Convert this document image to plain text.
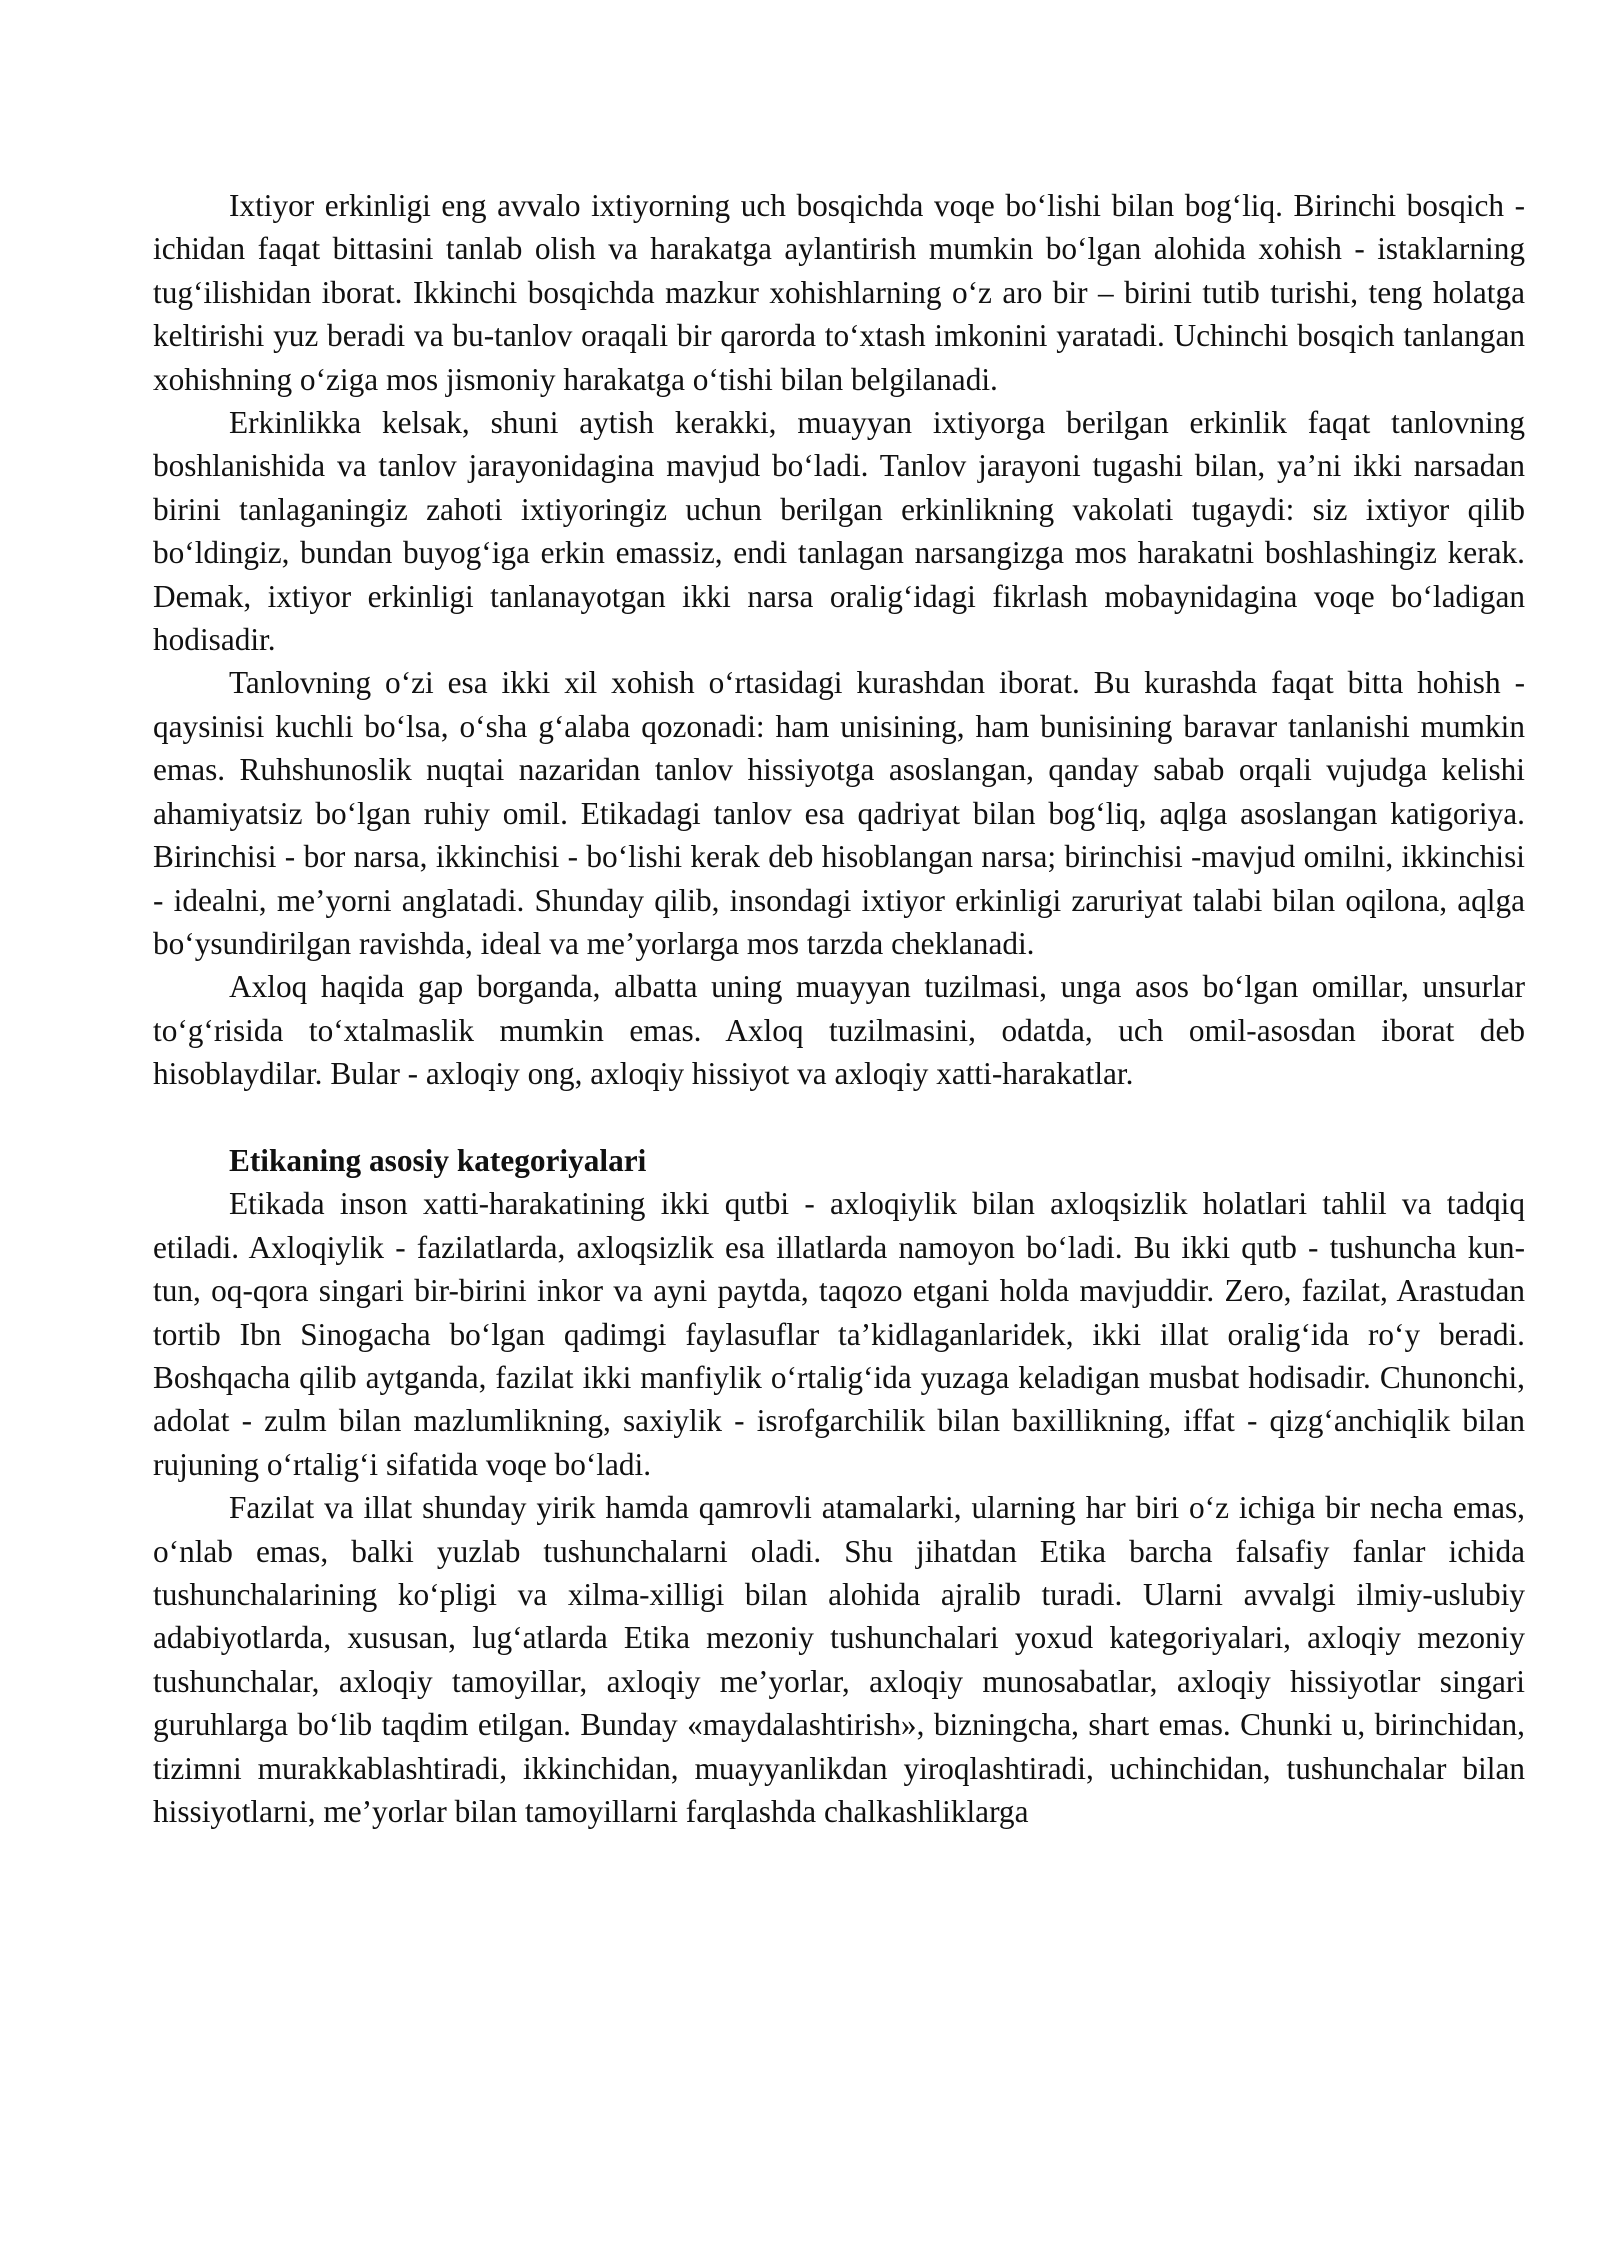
Ixtiyor erkinligi eng avvalo ixtiyorning uch bosqichda voqe bo‘lishi bilan bog‘liq. Birinchi bosqich - ichidan faqat bittasini tanlab olish va harakatga aylantirish mumkin bo‘lgan alohida xohish - istaklarning tug‘ilishidan iborat. Ikkinchi bosqichda mazkur xohishlarning o‘z aro bir – birini tutib turishi, teng holatga keltirishi yuz beradi va bu-tanlov oraqali bir qarorda to‘xtash imkonini yaratadi. Uchinchi bosqich tanlangan xohishning o‘ziga mos jismoniy harakatga o‘tishi bilan belgilanadi.

Erkinlikka kelsak, shuni aytish kerakki, muayyan ixtiyorga berilgan erkinlik faqat tanlovning boshlanishida va tanlov jarayonidagina mavjud bo‘ladi. Tanlov jarayoni tugashi bilan, ya’ni ikki narsadan birini tanlaganingiz zahoti ixtiyoringiz uchun berilgan erkinlikning vakolati tugaydi: siz ixtiyor qilib bo‘ldingiz, bundan buyog‘iga erkin emassiz, endi tanlagan narsangizga mos harakatni boshlashingiz kerak. Demak, ixtiyor erkinligi tanlanayotgan ikki narsa oralig‘idagi fikrlash mobaynidagina voqe bo‘ladigan hodisadir.

Tanlovning o‘zi esa ikki xil xohish o‘rtasidagi kurashdan iborat. Bu kurashda faqat bitta hohish - qaysinisi kuchli bo‘lsa, o‘sha g‘alaba qozonadi: ham unisining, ham bunisining baravar tanlanishi mumkin emas. Ruhshunoslik nuqtai nazaridan tanlov hissiyotga asoslangan, qanday sabab orqali vujudga kelishi ahamiyatsiz bo‘lgan ruhiy omil. Etikadagi tanlov esa qadriyat bilan bog‘liq, aqlga asoslangan katigoriya. Birinchisi - bor narsa, ikkinchisi - bo‘lishi kerak deb hisoblangan narsa; birinchisi -mavjud omilni, ikkinchisi - idealni, me’yorni anglatadi. Shunday qilib, insondagi ixtiyor erkinligi zaruriyat talabi bilan oqilona, aqlga bo‘ysundirilgan ravishda, ideal va me’yorlarga mos tarzda cheklanadi.

Axloq haqida gap borganda, albatta uning muayyan tuzilmasi, unga asos bo‘lgan omillar, unsurlar to‘g‘risida to‘xtalmaslik mumkin emas. Axloq tuzilmasini, odatda, uch omil-asosdan iborat deb hisoblaydilar. Bular - axloqiy ong, axloqiy hissiyot va axloqiy xatti-harakatlar.

Etikaning asosiy kategoriyalari

Etikada inson xatti-harakatining ikki qutbi - axloqiylik bilan axloqsizlik holatlari tahlil va tadqiq etiladi. Axloqiylik - fazilatlarda, axloqsizlik esa illatlarda namoyon bo‘ladi. Bu ikki qutb - tushuncha kun-tun, oq-qora singari bir-birini inkor va ayni paytda, taqozo etgani holda mavjuddir. Zero, fazilat, Arastudan tortib Ibn Sinogacha bo‘lgan qadimgi faylasuflar ta’kidlaganlaridek, ikki illat oralig‘ida ro‘y beradi. Boshqacha qilib aytganda, fazilat ikki manfiylik o‘rtalig‘ida yuzaga keladigan musbat hodisadir. Chunonchi, adolat - zulm bilan mazlumlikning, saxiylik - isrofgarchilik bilan baxillikning, iffat - qizg‘anchiqlik bilan rujuning o‘rtalig‘i sifatida voqe bo‘ladi.

Fazilat va illat shunday yirik hamda qamrovli atamalarki, ularning har biri o‘z ichiga bir necha emas, o‘nlab emas, balki yuzlab tushunchalarni oladi. Shu jihatdan Etika barcha falsafiy fanlar ichida tushunchalarining ko‘pligi va xilma-xilligi bilan alohida ajralib turadi. Ularni avvalgi ilmiy-uslubiy adabiyotlarda, xususan, lug‘atlarda Etika mezoniy tushunchalari yoxud kategoriyalari, axloqiy mezoniy tushunchalar, axloqiy tamoyillar, axloqiy me’yorlar, axloqiy munosabatlar, axloqiy hissiyotlar singari guruhlarga bo‘lib taqdim etilgan. Bunday «maydalashtirish», bizningcha, shart emas. Chunki u, birinchidan, tizimni murakkablashtiradi, ikkinchidan, muayyanlikdan yiroqlashtiradi, uchinchidan, tushunchalar bilan hissiyotlarni, me’yorlar bilan tamoyillarni farqlashda chalkashliklarga
